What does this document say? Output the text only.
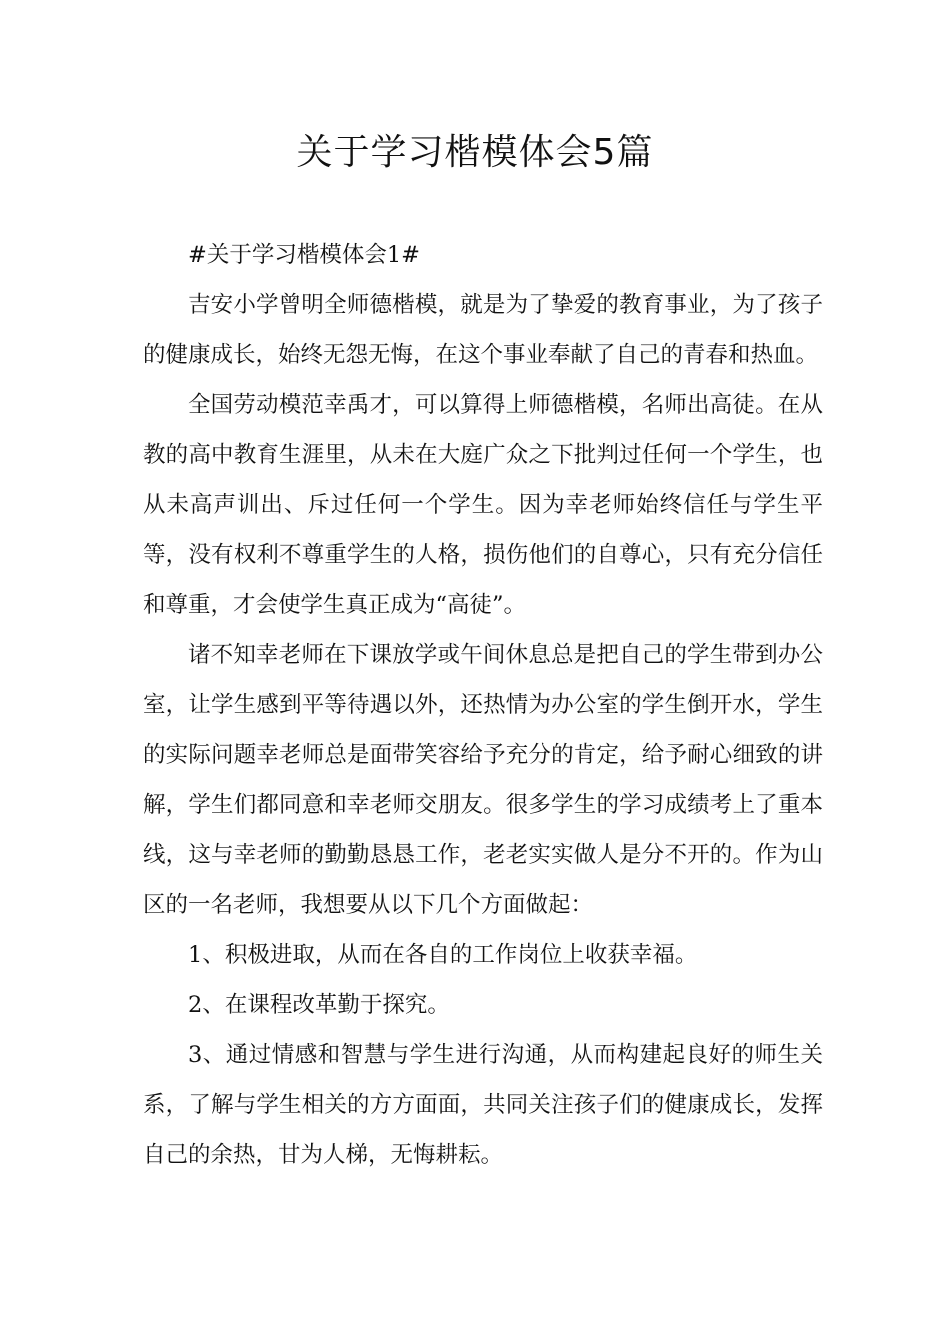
关于学习楷模体会5篇

#关于学习楷模体会1#

吉安小学曾明全师德楷模，就是为了挚爱的教育事业，为了孩子的健康成长，始终无怨无悔，在这个事业奉献了自己的青春和热血。

全国劳动模范幸禹才，可以算得上师德楷模，名师出高徒。在从教的高中教育生涯里，从未在大庭广众之下批判过任何一个学生，也从未高声训出、斥过任何一个学生。因为幸老师始终信任与学生平等，没有权利不尊重学生的人格，损伤他们的自尊心，只有充分信任和尊重，才会使学生真正成为“高徒”。

诸不知幸老师在下课放学或午间休息总是把自己的学生带到办公室，让学生感到平等待遇以外，还热情为办公室的学生倒开水，学生的实际问题幸老师总是面带笑容给予充分的肯定，给予耐心细致的讲解，学生们都同意和幸老师交朋友。很多学生的学习成绩考上了重本线，这与幸老师的勤勤恳恳工作，老老实实做人是分不开的。作为山区的一名老师，我想要从以下几个方面做起：

1、积极进取，从而在各自的工作岗位上收获幸福。

2、在课程改革勤于探究。

3、通过情感和智慧与学生进行沟通，从而构建起良好的师生关系，了解与学生相关的方方面面，共同关注孩子们的健康成长，发挥自己的余热，甘为人梯，无悔耕耘。
